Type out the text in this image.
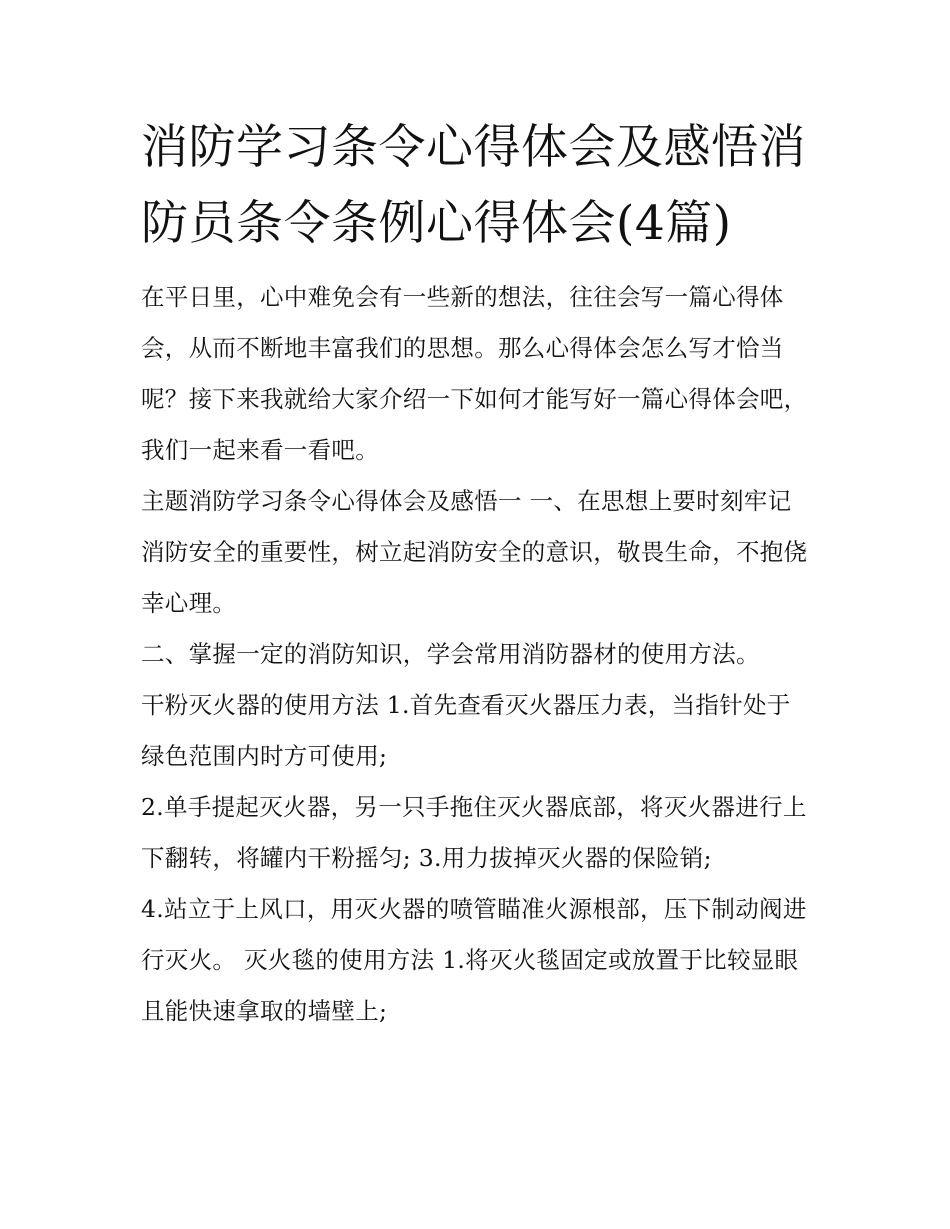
消防学习条令心得体会及感悟消防员条令条例心得体会(4篇)

在平日里，心中难免会有一些新的想法，往往会写一篇心得体会，从而不断地丰富我们的思想。那么心得体会怎么写才恰当呢？接下来我就给大家介绍一下如何才能写好一篇心得体会吧，我们一起来看一看吧。

主题消防学习条令心得体会及感悟一 一、在思想上要时刻牢记消防安全的重要性，树立起消防安全的意识，敬畏生命，不抱侥幸心理。

二、掌握一定的消防知识，学会常用消防器材的使用方法。

干粉灭火器的使用方法 1.首先查看灭火器压力表，当指针处于绿色范围内时方可使用;

2.单手提起灭火器，另一只手拖住灭火器底部，将灭火器进行上下翻转，将罐内干粉摇匀; 3.用力拔掉灭火器的保险销;

4.站立于上风口，用灭火器的喷管瞄准火源根部，压下制动阀进行灭火。 灭火毯的使用方法 1.将灭火毯固定或放置于比较显眼且能快速拿取的墙壁上;
